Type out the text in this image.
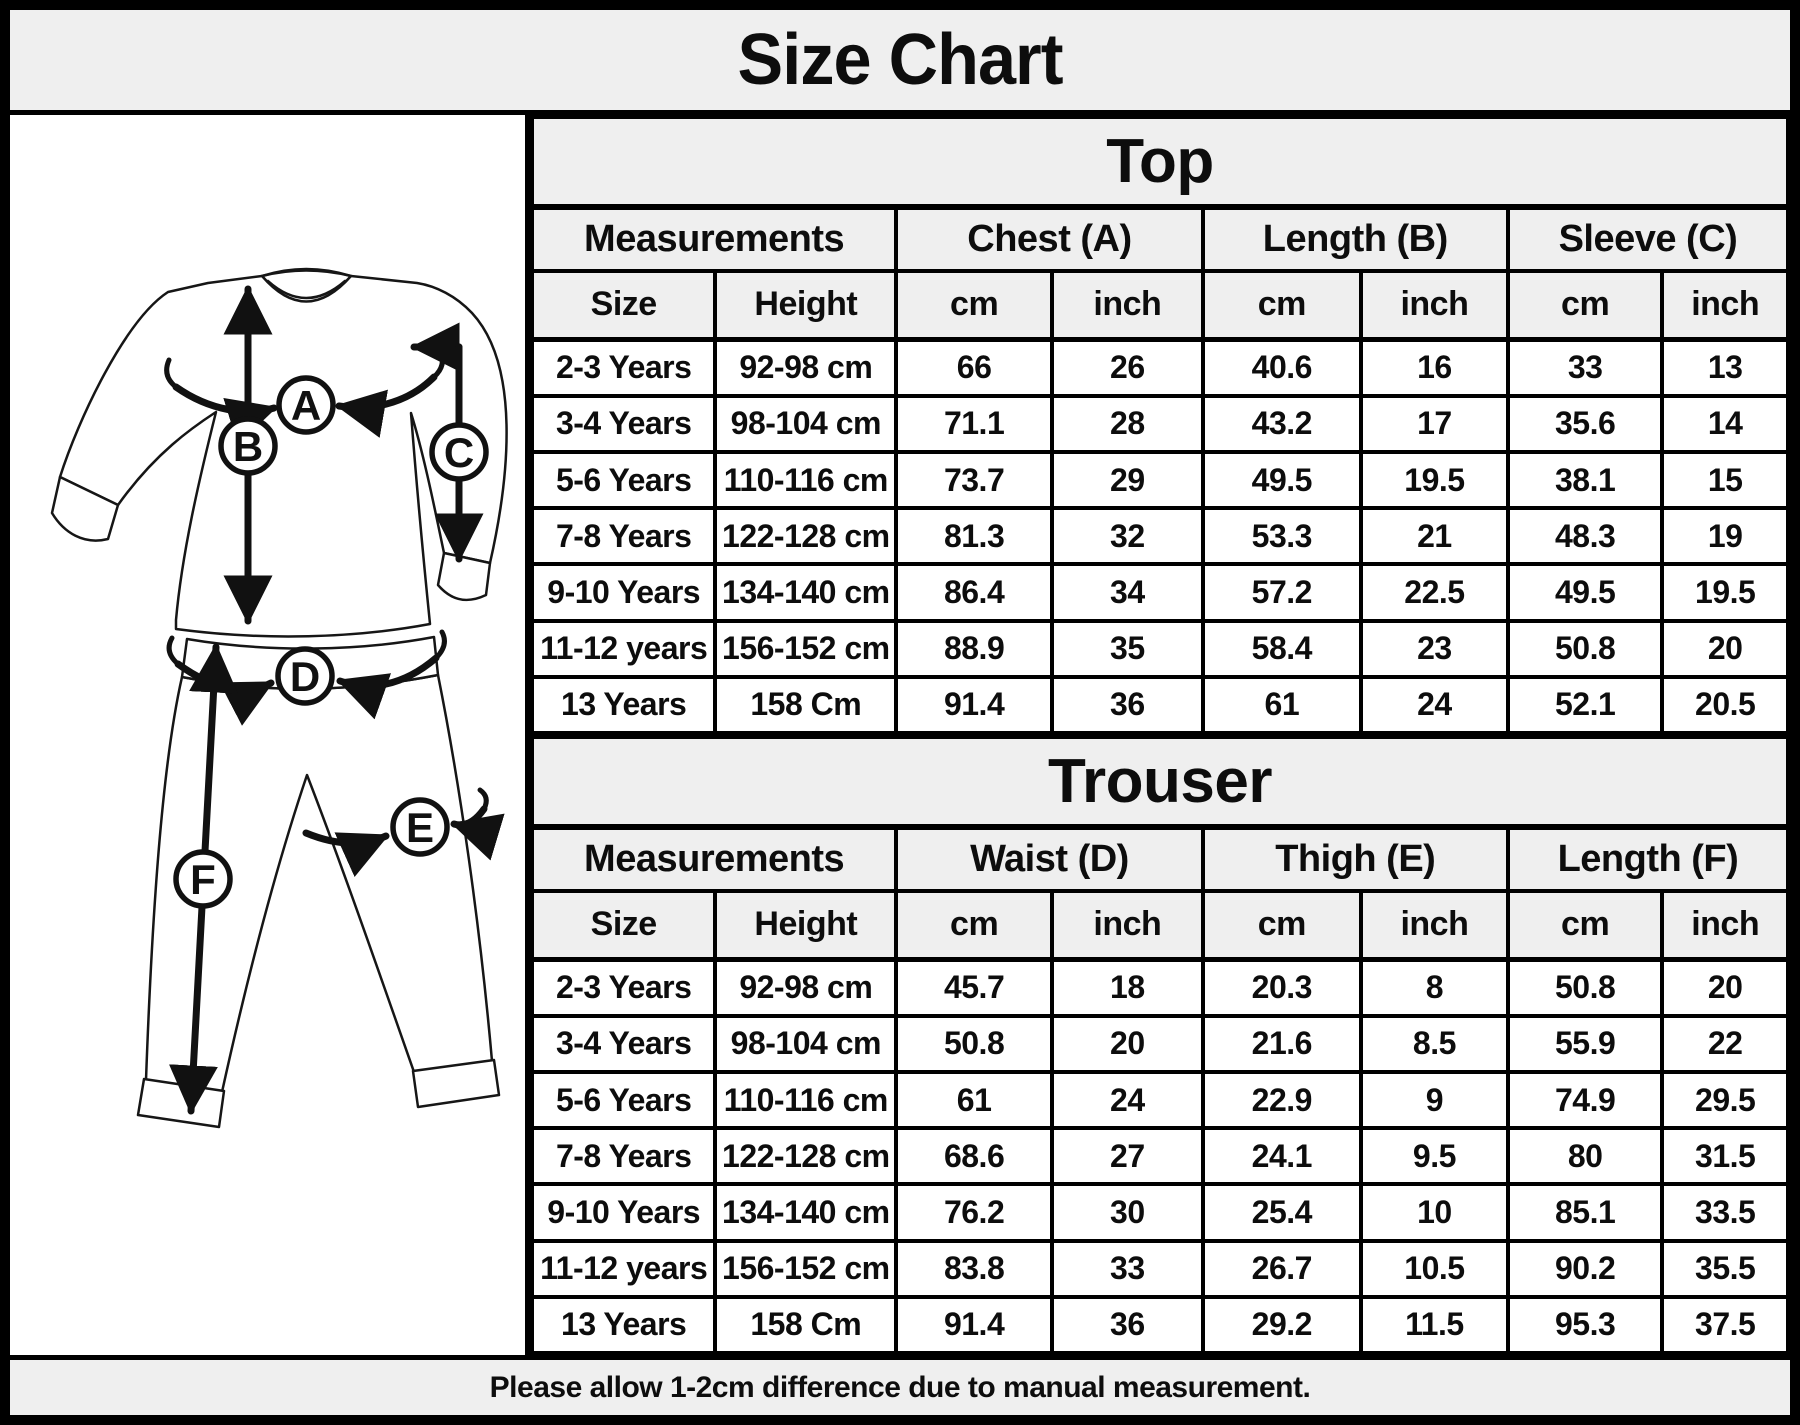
Size Chart
A
B	C
D
E
F
Top							
Measurements		Chest (A)		Length (B)		Sleeve (C)	
Size	Height	cm	inch	cm	inch	cm	inch
2-3 Years	92-98 cm	66	26	40.6	16	33	13
3-4 Years	98-104 cm	71.1	28	43.2	17	35.6	14
5-6 Years	110-116 cm	73.7	29	49.5	19.5	38.1	15
7-8 Years	122-128 cm	81.3	32	53.3	21	48.3	19
9-10 Years	134-140 cm	86.4	34	57.2	22.5	49.5	19.5
11-12 years	156-152 cm	88.9	35	58.4	23	50.8	20
13 Years	158 Cm	91.4	36	61	24	52.1	20.5
Trouser							
Measurements		Waist (D)		Thigh (E)		Length (F)	
Size	Height	cm	inch	cm	inch	cm	inch
2-3 Years	92-98 cm	45.7	18	20.3	8	50.8	20
3-4 Years	98-104 cm	50.8	20	21.6	8.5	55.9	22
5-6 Years	110-116 cm	61	24	22.9	9	74.9	29.5
7-8 Years	122-128 cm	68.6	27	24.1	9.5	80	31.5
9-10 Years	134-140 cm	76.2	30	25.4	10	85.1	33.5
11-12 years	156-152 cm	83.8	33	26.7	10.5	90.2	35.5
13 Years	158 Cm	91.4	36	29.2	11.5	95.3	37.5
Please allow 1-2cm difference due to manual measurement.
